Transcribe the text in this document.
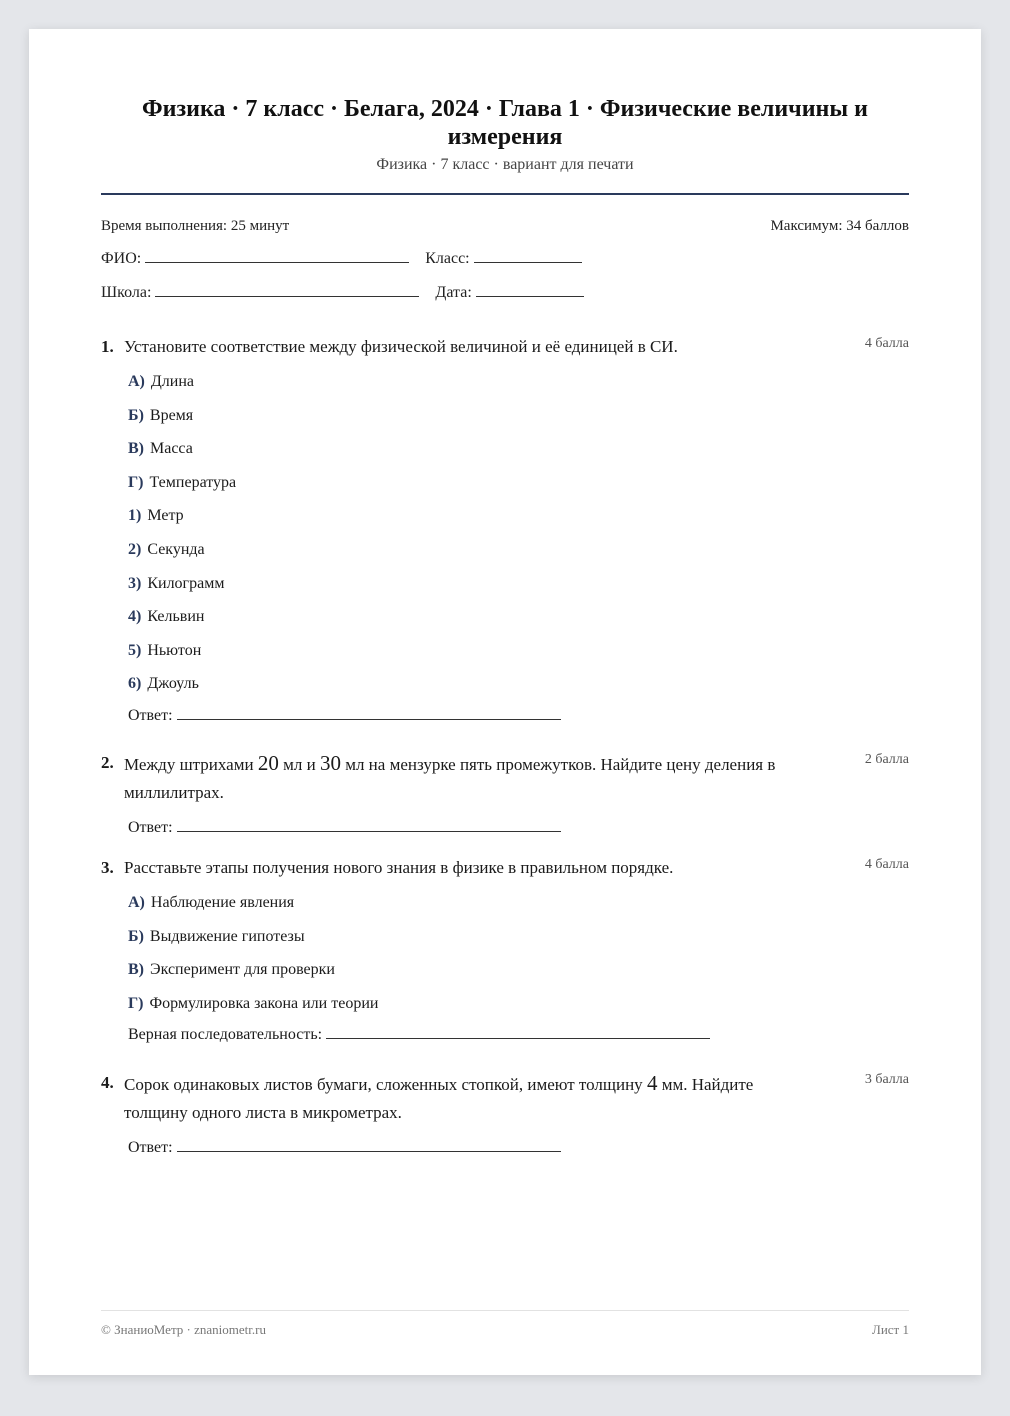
Физика · 7 класс · Белага, 2024 · Глава 1 · Физические величины и измерения
Физика · 7 класс · вариант для печати
Время выполнения: 25 минут	Максимум: 34 баллов
ФИО:	Класс:
Школа:	Дата:
1. Установите соответствие между физической величиной и её единицей в СИ.	4 балла
А) Длина
Б) Время
В) Масса
Г) Температура
1) Метр
2) Секунда
3) Килограмм
4) Кельвин
5) Ньютон
6) Джоуль
Ответ:
2. Между штрихами 20 мл и 30 мл на мензурке пять промежутков. Найдите цену деления в миллилитрах.
2 балла
Ответ:
3. Расставьте этапы получения нового знания в физике в правильном порядке.	4 балла
А) Наблюдение явления
Б) Выдвижение гипотезы
В) Эксперимент для проверки
Г) Формулировка закона или теории
Верная последовательность:
4. Сорок одинаковых листов бумаги, сложенных стопкой, имеют толщину 4 мм. Найдите толщину одного листа в микрометрах.
3 балла
Ответ:
© ЗнаниоМетр · znaniometr.ru	Лист 1
